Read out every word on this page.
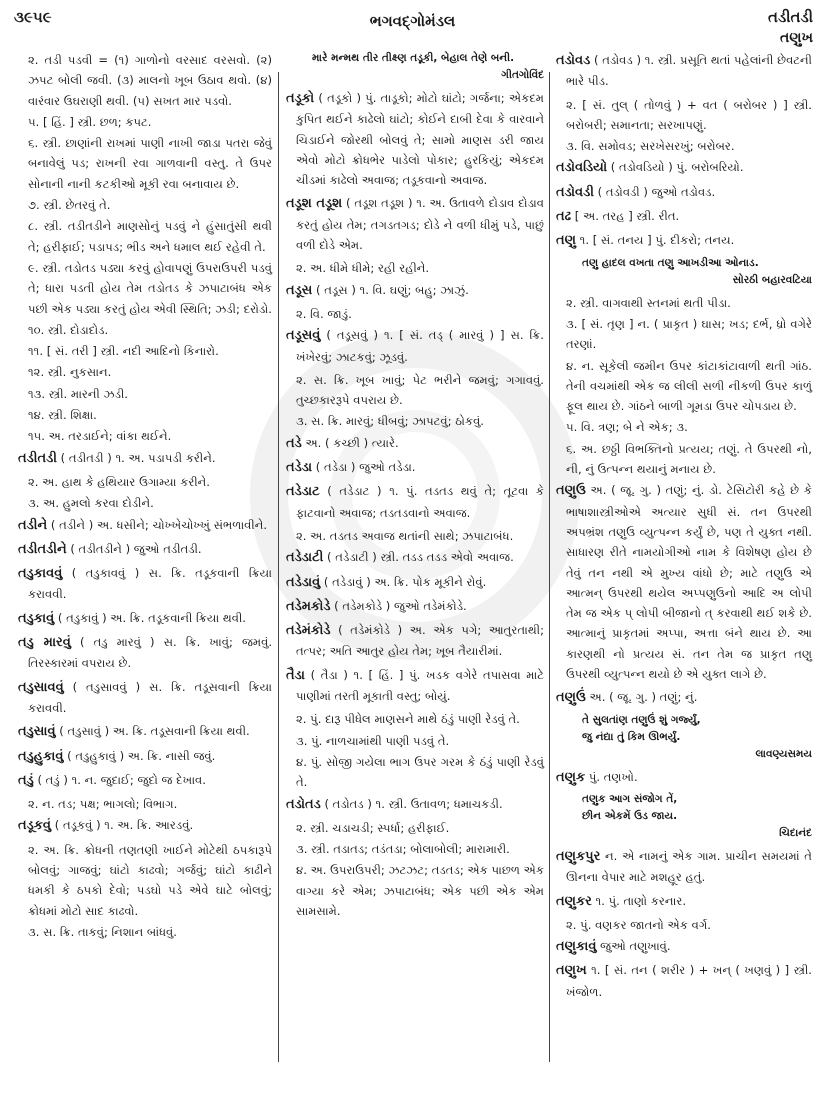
૩૯૫૯	ભગવદ્ગોમંડલ	તડીતડી
તણુખ
૨. તડી પડવી = (૧) ગાળોનો વરસાદ વરસવો. (૨) ઝપટ બોલી જવી. (૩) માલનો ખૂબ ઉઠાવ થવો. (૪) વારંવાર ઉઘરાણી થવી. (૫) સખત માર પડવો.
૫. [ હિં. ] સ્ત્રી. છળ; કપટ.
૬. સ્ત્રી. છાણાંની રાખમાં પાણી નાખી જાડા પતરા જેવું બનાવેલું પડ; રાખની રવા ગાળવાની વસ્તુ. તે ઉપર સોનાની નાની કટકીઓ મૂકી રવા બનાવાય છે.
૭. સ્ત્રી. છેતરવું તે.
૮. સ્ત્રી. તડીતડીને માણસોનું પડવું ને હુંસાતુંસી થવી તે; હરીફાઈ; પડાપડ; ભીડ અને ધમાલ થઈ રહેવી તે.
૯. સ્ત્રી. તડોતડ પડ્યા કરવું હોવાપણું ઉપરાઉપરી પડવું તે; ધારા પડતી હોય તેમ તડોતડ કે ઝપાટાબંધ એક પછી એક પડ્યા કરતું હોય એવી સ્થિતિ; ઝડી; દરોડો.
૧૦. સ્ત્રી. દોડાદોડ.
૧૧. [ સં. તરી ] સ્ત્રી. નદી આદિનો કિનારો.
૧૨. સ્ત્રી. નુકસાન.
૧૩. સ્ત્રી. મારની ઝડી.
૧૪. સ્ત્રી. શિક્ષા.
૧૫. અ. તરડાઈને; વાંકા થઈને.
તડીતડી ( તડીતડી ) ૧. અ. પડાપડી કરીને.
૨. અ. હાથ કે હથિયાર ઉગામ્યા કરીને.
૩. અ. હુમલો કરવા દોડીને.
તડીને ( તડીને ) અ. ધસીને; ચોખ્ખેચોખ્ખું સંભળાવીને.
તડીતડીને ( તડીતડીને ) જુઓ તડીતડી.
તડુકાવવું ( તડુકાવવું ) સ. ક્રિ. તડૂકવાની ક્રિયા કરાવવી.
તડુકાવું ( તડુકાવું ) અ. ક્રિ. તડૂકવાની ક્રિયા થવી.
તડુ મારવું ( તડુ મારવું ) સ. ક્રિ. ખાવું; જમવું. તિરસ્કારમાં વપરાય છે.
તડુસાવવું ( તડુસાવવું ) સ. ક્રિ. તડૂસવાની ક્રિયા કરાવવી.
તડુસાવું ( તડુસાવું ) અ. ક્રિ. તડૂસવાની ક્રિયા થવી.
તડુહુકાવું ( તડુહુકાવું ) અ. ક્રિ. નાસી જવું.
તડું ( તડું ) ૧. ન. જુદાઈ; જુદો જ દેખાવ.
૨. ન. તડ; પક્ષ; ભાગલો; વિભાગ.
તડૂકવું ( તડૂકવું ) ૧. અ. ક્રિ. આરડવું.
૨. અ. ક્રિ. ક્રોધની તણતણી ખાઈને મોટેથી ઠપકારૂપે બોલવું; ગાજવું; ઘાંટો કાઢવો; ગર્જવું; ઘાંટો કાઢીને ધમકી કે ઠપકો દેવો; પડઘો પડે એવે ઘાટે બોલવું; ક્રોધમાં મોટો સાદ કાઢવો.
૩. સ. ક્રિ. તાકવું; નિશાન બાંધવું.
મારે મન્મથ તીર તીક્ષ્ણ તડૂકી, બેહાલ તેણે બની.
ગીતગોવિંદ
તડૂકો ( તડૂકો ) પું. તાડૂકો; મોટો ઘાંટો; ગર્જના; એકદમ કુપિત થઈને કાઢેલો ઘાંટો; કોઈને દાબી દેવા કે વારવાને ચિડાઈને જોરથી બોલવું તે; સામો માણસ ડરી જાય એવો મોટો ક્રોધભેર પાડેલો પોકાર; હુરકિયું; એકદમ ચીડમાં કાઢેલો અવાજ; તડૂકવાનો અવાજ.
તડૂશ તડૂશ ( તડૂશ તડૂશ ) ૧. અ. ઉતાવળે દોડાવ દોડાવ કરતું હોય તેમ; તગડતગડ; દોડે ને વળી ધીમું પડે, પાછું વળી દોડે એમ.
૨. અ. ધીમે ધીમે; રહી રહીને.
તડૂસ ( તડૂસ ) ૧. વિ. ઘણું; બહુ; ઝાઝું.
૨. વિ. જાડું.
તડૂસવું ( તડૂસવું ) ૧. [ સં. તડ્ ( મારવું ) ] સ. ક્રિ. ખંખેરવું; ઝાટકવું; ઝૂડવું.
૨. સ. ક્રિ. ખૂબ ખાવું; પેટ ભરીને જમવું; ગગાવવું. તુચ્છકારરૂપે વપરાય છે.
૩. સ. ક્રિ. મારવું; ધીબવું; ઝાપટવું; ઠોકવું.
તડે અ. ( કચ્છી ) ત્યારે.
તડેડા ( તડેડા ) જુઓ તડેડા.
તડેડાટ ( તડેડાટ ) ૧. પું. તડતડ થવું તે; તૂટવા કે ફાટવાનો અવાજ; તડતડવાનો અવાજ.
૨. અ. તડતડ અવાજ થતાંની સાથે; ઝપાટાબંધ.
તડેડાટી ( તડેડાટી ) સ્ત્રી. તડડ તડડ એવો અવાજ.
તડેડાવું ( તડેડાવું ) અ. ક્રિ. પોક મૂકીને રોવું.
તડેમકોડે ( તડેમકોડે ) જુઓ તડેમંકોડે.
તડેમંકોડે ( તડેમંકોડે ) અ. એક પગે; આતુરતાથી; તત્પર; અતિ આતુર હોય તેમ; ખૂબ તૈયારીમાં.
તૈડા ( તૈડા ) ૧. [ હિં. ] પું. ખડક વગેરે તપાસવા માટે પાણીમાં તરતી મૂકાતી વસ્તુ; બોયું.
૨. પું. દારૂ પીધેલ માણસને માથે ઠંડું પાણી રેડવું તે.
૩. પું. નાળચામાંથી પાણી પડવું તે.
૪. પું. સોજી ગયેલા ભાગ ઉપર ગરમ કે ઠંડું પાણી રેડવું તે.
તડોતડ ( તડોતડ ) ૧. સ્ત્રી. ઉતાવળ; ધમાચકડી.
૨. સ્ત્રી. ચડાચડી; સ્પર્ધા; હરીફાઈ.
૩. સ્ત્રી. તડાતડ; તડંતડા; બોલાબોલી; મારામારી.
૪. અ. ઉપરાઉપરી; ઝટઝટ; તડતડ; એક પાછળ એક વાગ્યા કરે એમ; ઝપાટાબંધ; એક પછી એક એમ સામસામે.
તડોવડ ( તડોવડ ) ૧. સ્ત્રી. પ્રસૂતિ થતાં પહેલાંની છેવટની ભારે પીડ.
૨. [ સં. તુલ્ ( તોળવું ) + વત ( બરોબર ) ] સ્ત્રી. બરોબરી; સમાનતા; સરખાપણું.
૩. વિ. સમોવડ; સરખેસરખું; બરોબર.
તડોવડિયો ( તડોવડિયો ) પું. બરોબરિયો.
તડોવડી ( તડોવડી ) જુઓ તડોવડ.
તઢ [ અ. તરહ ] સ્ત્રી. રીત.
તણુ ૧. [ સં. તનય ] પું. દીકરો; તનય.
તણુ હાદલ વખતા તણુ આખડીઆ ઓનાડ.
સોરઠી બહારવટિયા
૨. સ્ત્રી. વાગવાથી સ્તનમાં થતી પીડા.
૩. [ સં. તૃણ ] ન. ( પ્રાકૃત ) ઘાસ; ખડ; દર્ભ, ધ્રો વગેરે તરણાં.
૪. ન. સૂકેલી જમીન ઉપર કાંટાકાંટાવાળી થતી ગાંઠ. તેની વચમાંથી એક જ લીલી સળી નીકળી ઉપર કાળું ફૂલ થાય છે. ગાંઠને બાળી ગૂમડા ઉપર ચોપડાય છે.
૫. વિ. ત્રણ; બે ને એક; ૩.
૬. અ. છઠ્ઠી વિભક્તિનો પ્રત્યય; તણું. તે ઉપરથી નો, ની, નું ઉત્પન્ન થયાનું મનાય છે.
તણુઉ અ. ( જૂ. ગુ. ) તણું; નું. ડો. ટેસિટોરી કહે છે કે ભાષાશાસ્ત્રીઓએ અત્યાર સુધી સં. તન ઉપરથી અપભ્રંશ તણુઉ વ્યુત્પન્ન કર્યું છે, પણ તે યુક્ત નથી. સાધારણ રીતે નામયોગીઓ નામ કે વિશેષણ હોય છે તેવું તન નથી એ મુખ્ય વાંધો છે; માટે તણુઉ એ આત્મન્ ઉપરથી થયેલ અપ્પણુઉનો આદિ અ લોપી તેમ જ એક પ્ લોપી બીજાનો ત્ કરવાથી થઈ શકે છે. આત્માનું પ્રાકૃતમાં અપ્પા, અત્તા બંને થાય છે. આ કારણથી નો પ્રત્યય સં. તન તેમ જ પ્રાકૃત તણુ ઉપરથી વ્યુત્પન્ન થયો છે એ યુક્ત લાગે છે.
તણુઉં અ. ( જૂ. ગુ. ) તણું; નું.
તે સુલતાંણ તણુઉં શું ગર્જ્યું,
જુ નંદ્યા તું કિમ ઊભર્યું.
લાવણ્યસમય
તણુક પું. તણખો.
તણુક આગ સંજોગ તેં,
છીન એકમેં ઉડ જાય.
ચિદાનંદ
તણુકપુર ન. એ નામનું એક ગામ. પ્રાચીન સમયમાં તે ઊનના વેપાર માટે મશહૂર હતું.
તણુકર ૧. પું. તાણો કરનાર.
૨. પું. વણકર જાતનો એક વર્ગ.
તણુકાવું જુઓ તણુખાવું.
તણુખ ૧. [ સં. તન ( શરીર ) + ખન્ ( ખણવું ) ] સ્ત્રી. ખંજોળ.
